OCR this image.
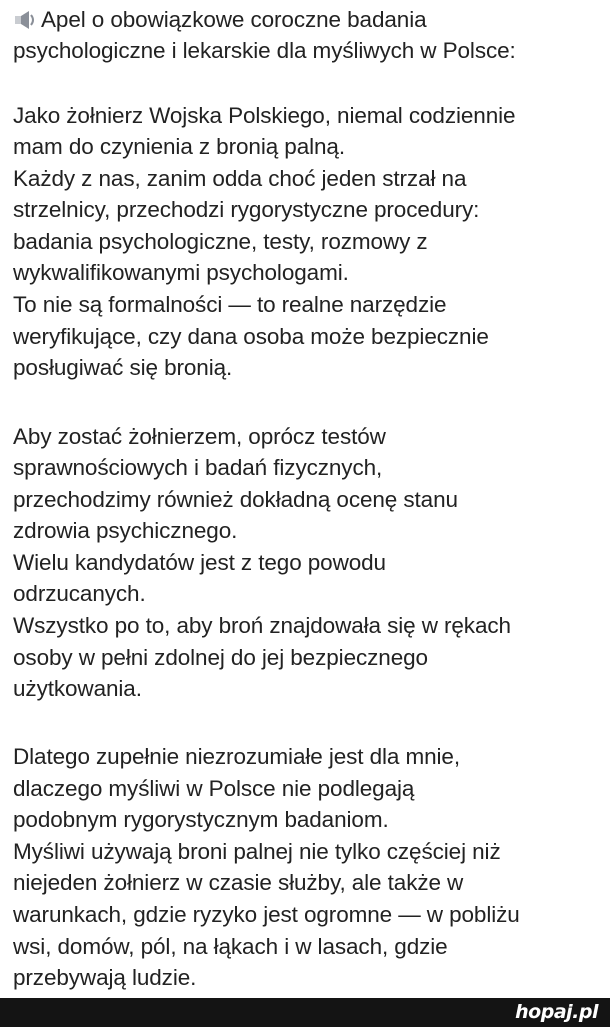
Apel o obowiązkowe coroczne badania
psychologiczne i lekarskie dla myśliwych w Polsce:
Jako żołnierz Wojska Polskiego, niemal codziennie
mam do czynienia z bronią palną.
Każdy z nas, zanim odda choć jeden strzał na
strzelnicy, przechodzi rygorystyczne procedury:
badania psychologiczne, testy, rozmowy z
wykwalifikowanymi psychologami.
To nie są formalności — to realne narzędzie
weryfikujące, czy dana osoba może bezpiecznie
posługiwać się bronią.
Aby zostać żołnierzem, oprócz testów
sprawnościowych i badań fizycznych,
przechodzimy również dokładną ocenę stanu
zdrowia psychicznego.
Wielu kandydatów jest z tego powodu
odrzucanych.
Wszystko po to, aby broń znajdowała się w rękach
osoby w pełni zdolnej do jej bezpiecznego
użytkowania.
Dlatego zupełnie niezrozumiałe jest dla mnie,
dlaczego myśliwi w Polsce nie podlegają
podobnym rygorystycznym badaniom.
Myśliwi używają broni palnej nie tylko częściej niż
niejeden żołnierz w czasie służby, ale także w
warunkach, gdzie ryzyko jest ogromne — w pobliżu
wsi, domów, pól, na łąkach i w lasach, gdzie
przebywają ludzie.
hopaj.pl
